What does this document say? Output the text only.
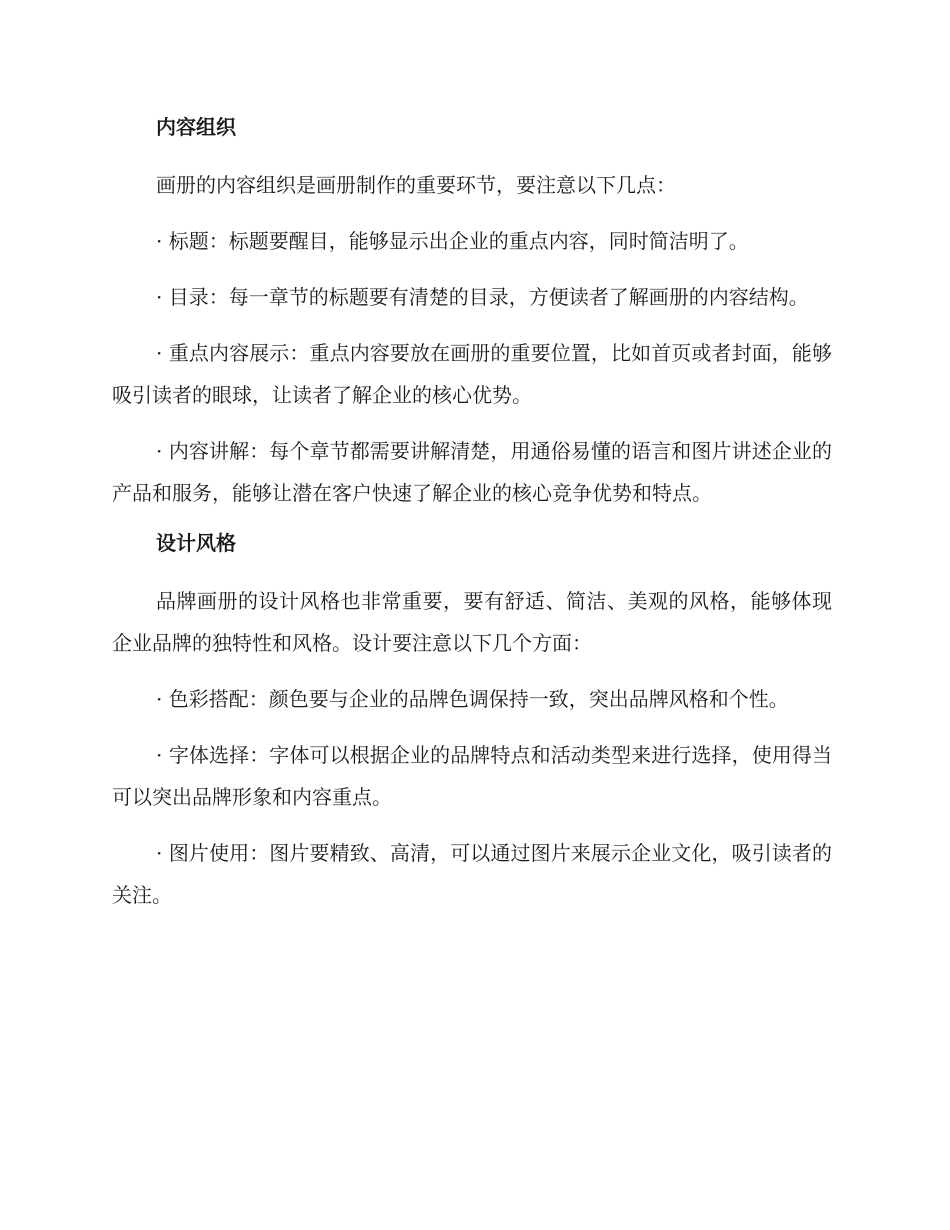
内容组织

画册的内容组织是画册制作的重要环节，要注意以下几点：

· 标题：标题要醒目，能够显示出企业的重点内容，同时简洁明了。

· 目录：每一章节的标题要有清楚的目录，方便读者了解画册的内容结构。

· 重点内容展示：重点内容要放在画册的重要位置，比如首页或者封面，能够吸引读者的眼球，让读者了解企业的核心优势。

· 内容讲解：每个章节都需要讲解清楚，用通俗易懂的语言和图片讲述企业的产品和服务，能够让潜在客户快速了解企业的核心竞争优势和特点。

设计风格

品牌画册的设计风格也非常重要，要有舒适、简洁、美观的风格，能够体现企业品牌的独特性和风格。设计要注意以下几个方面：

· 色彩搭配：颜色要与企业的品牌色调保持一致，突出品牌风格和个性。

· 字体选择：字体可以根据企业的品牌特点和活动类型来进行选择，使用得当可以突出品牌形象和内容重点。

· 图片使用：图片要精致、高清，可以通过图片来展示企业文化，吸引读者的关注。
